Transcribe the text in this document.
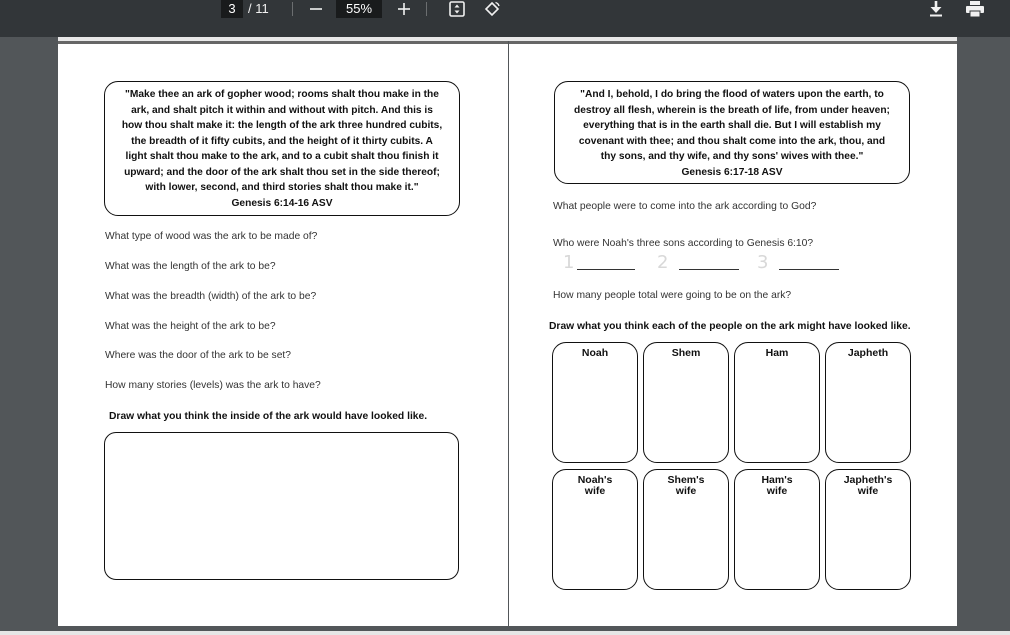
3 / 11	55%
"Make thee an ark of gopher wood; rooms shalt thou make in the
ark, and shalt pitch it within and without with pitch. And this is
how thou shalt make it: the length of the ark three hundred cubits,
the breadth of it fifty cubits, and the height of it thirty cubits. A
light shalt thou make to the ark, and to a cubit shalt thou finish it
upward; and the door of the ark shalt thou set in the side thereof;
with lower, second, and third stories shalt thou make it."
Genesis 6:14-16 ASV
What type of wood was the ark to be made of?
What was the length of the ark to be?
What was the breadth (width) of the ark to be?
What was the height of the ark to be?
Where was the door of the ark to be set?
How many stories (levels) was the ark to have?
Draw what you think the inside of the ark would have looked like.
"And I, behold, I do bring the flood of waters upon the earth, to
destroy all flesh, wherein is the breath of life, from under heaven;
everything that is in the earth shall die. But I will establish my
covenant with thee; and thou shalt come into the ark, thou, and
thy sons, and thy wife, and thy sons' wives with thee."
Genesis 6:17-18 ASV
What people were to come into the ark according to God?
Who were Noah's three sons according to Genesis 6:10?
1	2	3
How many people total were going to be on the ark?
Draw what you think each of the people on the ark might have looked like.
Noah	Shem	Ham	Japheth
Noah's
wife
Shem's
wife
Ham's
wife
Japheth's
wife
